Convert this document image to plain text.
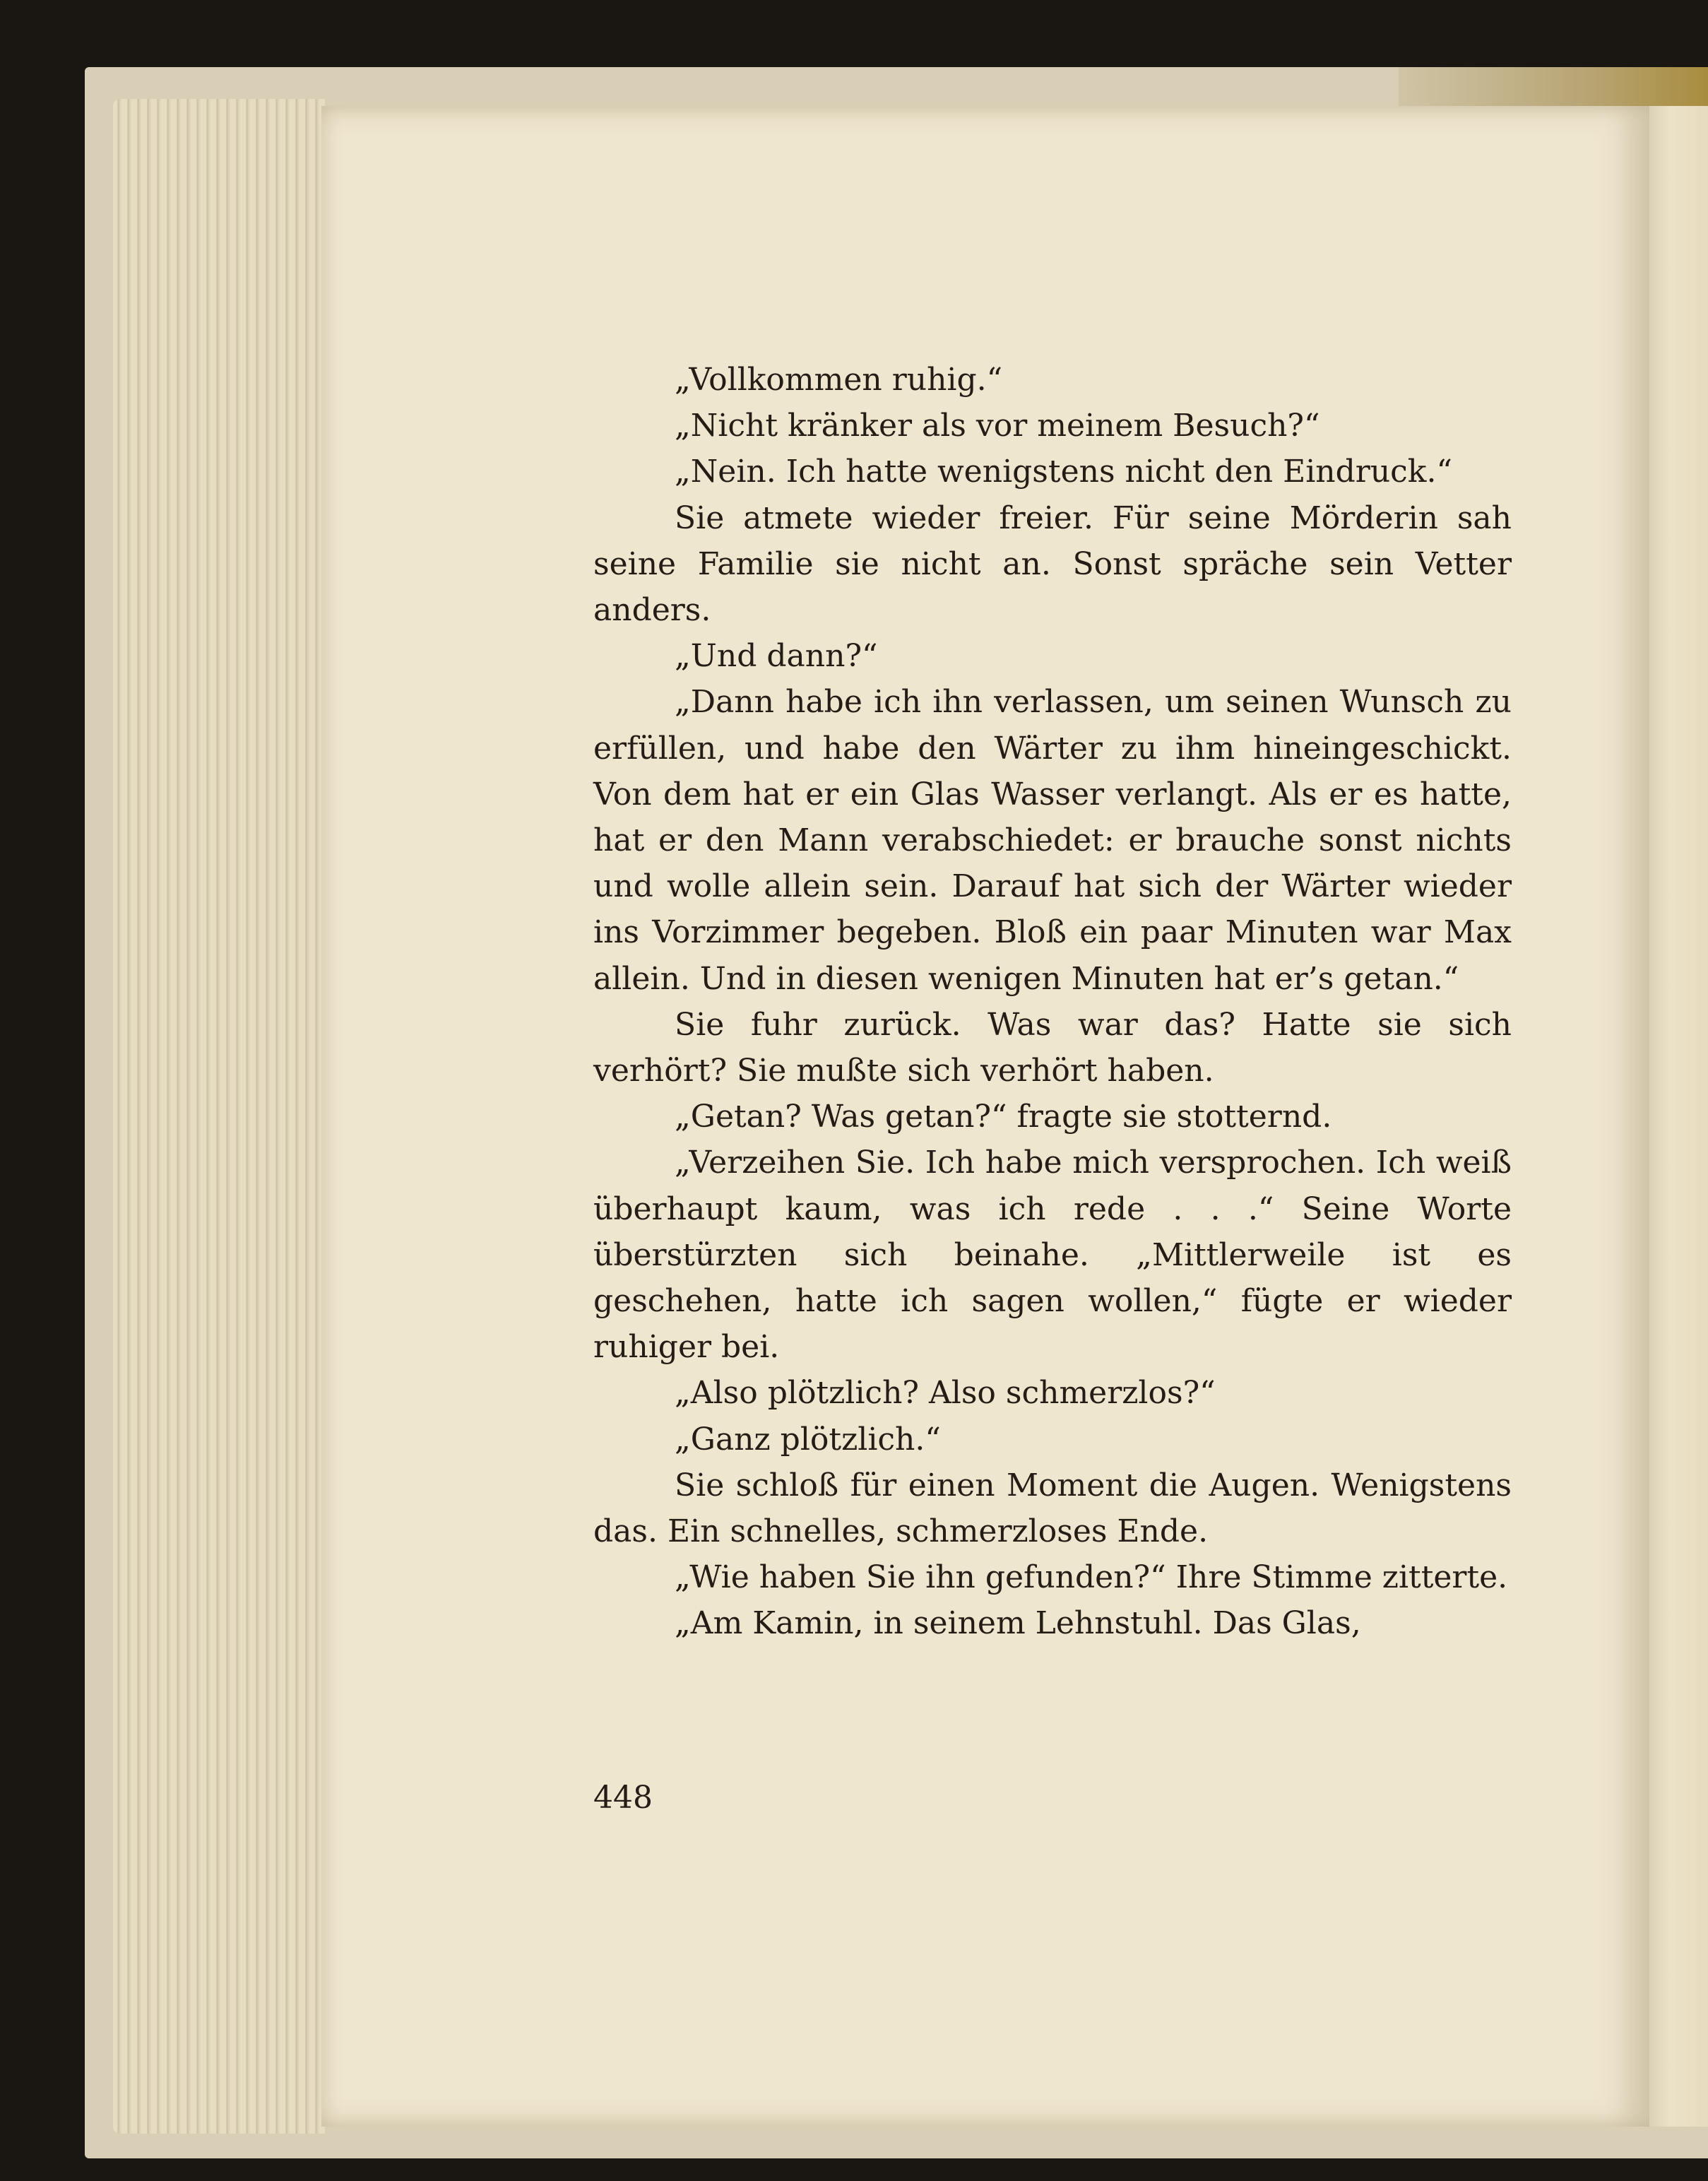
„Vollkommen ruhig.“

„Nicht kränker als vor meinem Besuch?“

„Nein. Ich hatte wenigstens nicht den Eindruck.“

Sie atmete wieder freier. Für seine Mörderin sah seine Familie sie nicht an. Sonst spräche sein Vetter anders.

„Und dann?“

„Dann habe ich ihn verlassen, um seinen Wunsch zu erfüllen, und habe den Wärter zu ihm hineingeschickt. Von dem hat er ein Glas Wasser verlangt. Als er es hatte, hat er den Mann verabschiedet: er brauche sonst nichts und wolle allein sein. Darauf hat sich der Wärter wieder ins Vorzimmer begeben. Bloß ein paar Minuten war Max allein. Und in diesen wenigen Minuten hat er’s getan.“

Sie fuhr zurück. Was war das? Hatte sie sich verhört? Sie mußte sich verhört haben.

„Getan? Was getan?“ fragte sie stotternd.

„Verzeihen Sie. Ich habe mich versprochen. Ich weiß überhaupt kaum, was ich rede . . .“ Seine Worte überstürzten sich beinahe. „Mittlerweile ist es geschehen, hatte ich sagen wollen,“ fügte er wieder ruhiger bei.

„Also plötzlich? Also schmerzlos?“

„Ganz plötzlich.“

Sie schloß für einen Moment die Augen. Wenigstens das. Ein schnelles, schmerzloses Ende.

„Wie haben Sie ihn gefunden?“ Ihre Stimme zitterte.

„Am Kamin, in seinem Lehnstuhl. Das Glas,

448
